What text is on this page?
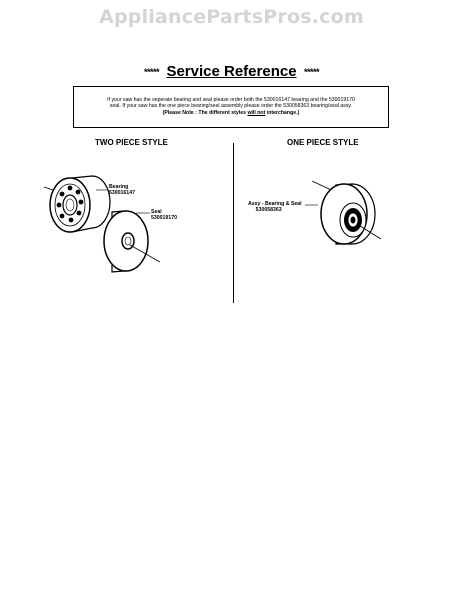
AppliancePartsPros.com
***** Service Reference *****
If your saw has the seperate bearing and seal please order both the 530016147 bearing and the 530019170
seal. If your saw has the one piece bearing/seal assembly please order the 530058363 bearing/seal assy.
(Please Note : The different styles will not interchange.)
TWO PIECE STYLE	ONE PIECE STYLE
Bearing
530016147
Seal
530019170
Assy - Bearing & Seal
530058363
